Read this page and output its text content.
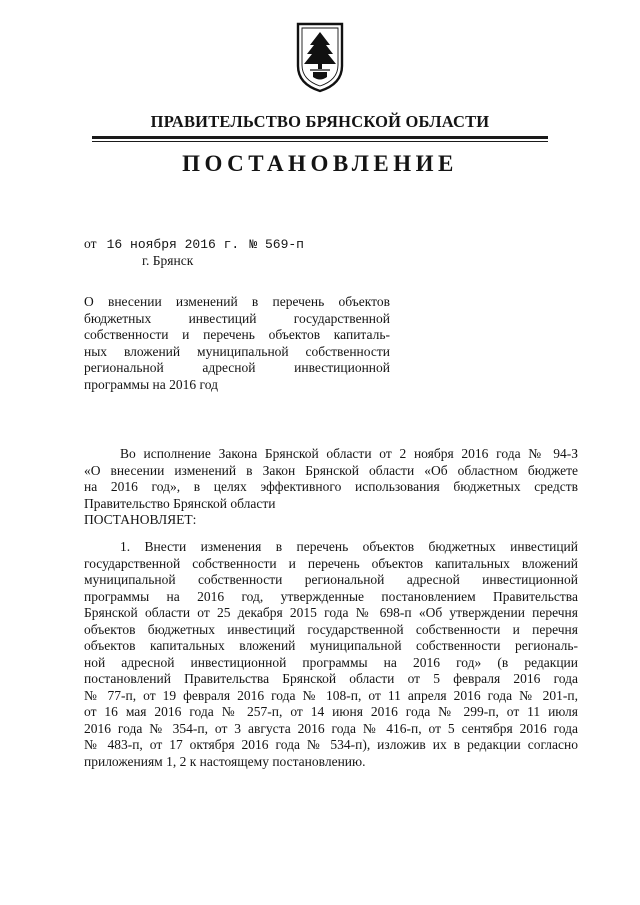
ПРАВИТЕЛЬСТВО БРЯНСКОЙ ОБЛАСТИ
ПОСТАНОВЛЕНИЕ
от 16 ноября 2016 г. № 569-п
г. Брянск
О внесении изменений в перечень объектов
бюджетных инвестиций государственной
собственности и перечень объектов капиталь-
ных вложений муниципальной собственности
региональной адресной инвестиционной
программы на 2016 год
Во исполнение Закона Брянской области от 2 ноября 2016 года № 94-З
«О внесении изменений в Закон Брянской области «Об областном бюджете
на 2016 год», в целях эффективного использования бюджетных средств
Правительство Брянской области
ПОСТАНОВЛЯЕТ:
1. Внести изменения в перечень объектов бюджетных инвестиций
государственной собственности и перечень объектов капитальных вложений
муниципальной собственности региональной адресной инвестиционной
программы на 2016 год, утвержденные постановлением Правительства
Брянской области от 25 декабря 2015 года № 698-п «Об утверждении перечня
объектов бюджетных инвестиций государственной собственности и перечня
объектов капитальных вложений муниципальной собственности региональ-
ной адресной инвестиционной программы на 2016 год» (в редакции
постановлений Правительства Брянской области от 5 февраля 2016 года
№ 77-п, от 19 февраля 2016 года № 108-п, от 11 апреля 2016 года № 201-п,
от 16 мая 2016 года № 257-п, от 14 июня 2016 года № 299-п, от 11 июля
2016 года № 354-п, от 3 августа 2016 года № 416-п, от 5 сентября 2016 года
№ 483-п, от 17 октября 2016 года № 534-п), изложив их в редакции согласно
приложениям 1, 2 к настоящему постановлению.
